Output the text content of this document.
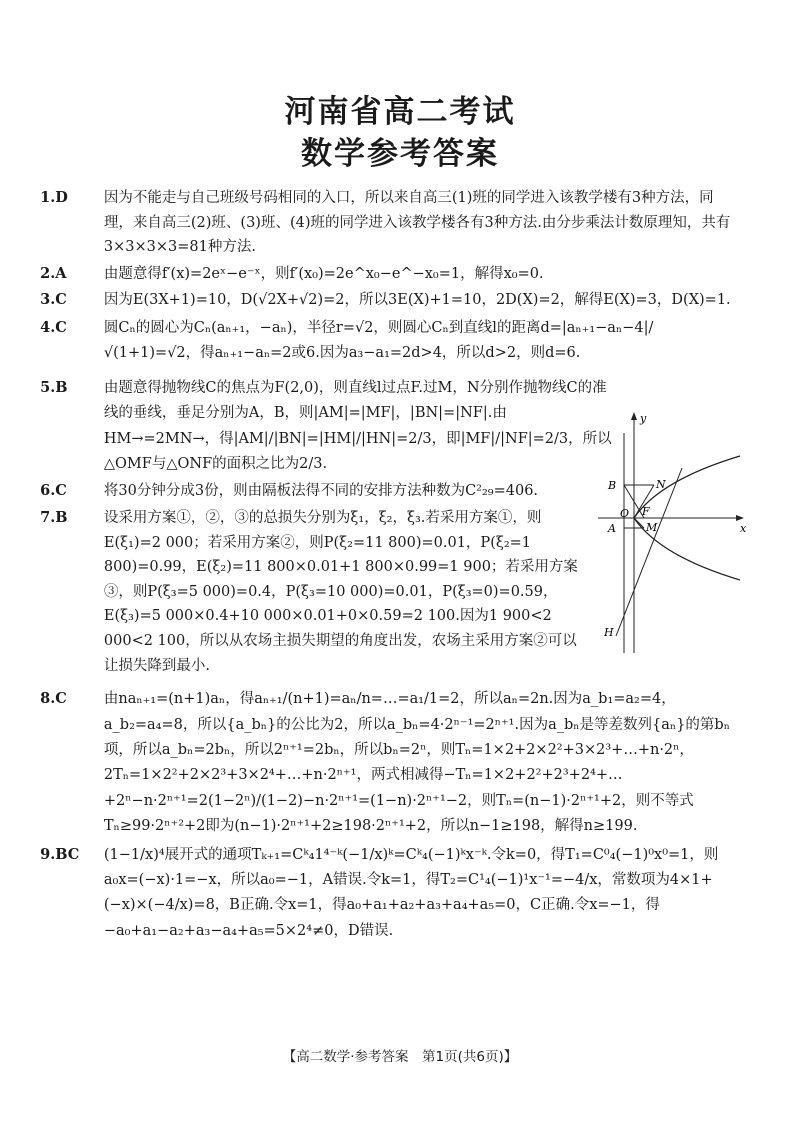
河南省高二考试
数学参考答案

1.D 因为不能走与自己班级号码相同的入口，所以来自高三(1)班的同学进入该教学楼有3种方法，同理，来自高三(2)班、(3)班、(4)班的同学进入该教学楼各有3种方法.由分步乘法计数原理知，共有3×3×3×3=81种方法.

2.A	由题意得f′(x)=2eˣ−e⁻ˣ，则f′(x₀)=2e^x₀−e^−x₀=1，解得x₀=0.

3.C	因为E(3X+1)=10，D(√2X+√2)=2，所以3E(X)+1=10，2D(X)=2，解得E(X)=3，D(X)=1.

4.C	圆Cₙ的圆心为Cₙ(aₙ₊₁，−aₙ)，半径r=√2，则圆心Cₙ到直线l的距离d=|aₙ₊₁−aₙ−4|/√(1+1)=√2，得aₙ₊₁−aₙ=2或6.因为a₃−a₁=2d>4，所以d>2，则d=6.

5.B	由题意得抛物线C的焦点为F(2,0)，则直线l过点F.过M，N分别作抛物线C的准线的垂线，垂足分别为A，B，则|AM|=|MF|，|BN|=|NF|.由HM→=2MN→，得|AM|/|BN|=|HM|/|HN|=2/3，即|MF|/|NF|=2/3，所以△OMF与△ONF的面积之比为2/3.

6.C	将30分钟分成3份，则由隔板法得不同的安排方法种数为C²₂₉=406.

7.B	设采用方案①，②，③的总损失分别为ξ₁，ξ₂，ξ₃.若采用方案①，则E(ξ₁)=2 000；若采用方案②，则P(ξ₂=11 800)=0.01，P(ξ₂=1 800)=0.99，E(ξ₂)=11 800×0.01+1 800×0.99=1 900；若采用方案③，则P(ξ₃=5 000)=0.4，P(ξ₃=10 000)=0.01，P(ξ₃=0)=0.59，E(ξ₃)=5 000×0.4+10 000×0.01+0×0.59=2 100.因为1 900<2 000<2 100，所以从农场主损失期望的角度出发，农场主采用方案②可以让损失降到最小.

8.C	由naₙ₊₁=(n+1)aₙ，得aₙ₊₁/(n+1)=aₙ/n=…=a₁/1=2，所以aₙ=2n.因为a_b₁=a₂=4，a_b₂=a₄=8，所以{a_bₙ}的公比为2，所以a_bₙ=4·2ⁿ⁻¹=2ⁿ⁺¹.因为a_bₙ是等差数列{aₙ}的第bₙ项，所以a_bₙ=2bₙ，所以2ⁿ⁺¹=2bₙ，所以bₙ=2ⁿ，则Tₙ=1×2+2×2²+3×2³+…+n·2ⁿ，2Tₙ=1×2²+2×2³+3×2⁴+…+n·2ⁿ⁺¹，两式相减得−Tₙ=1×2+2²+2³+2⁴+…+2ⁿ−n·2ⁿ⁺¹=2(1−2ⁿ)/(1−2)−n·2ⁿ⁺¹=(1−n)·2ⁿ⁺¹−2，则Tₙ=(n−1)·2ⁿ⁺¹+2，则不等式Tₙ≥99·2ⁿ⁺²+2即为(n−1)·2ⁿ⁺¹+2≥198·2ⁿ⁺¹+2，所以n−1≥198，解得n≥199.

9.BC (1−1/x)⁴展开式的通项Tₖ₊₁=Cᵏ₄1⁴⁻ᵏ(−1/x)ᵏ=Cᵏ₄(−1)ᵏx⁻ᵏ.令k=0，得T₁=C⁰₄(−1)⁰x⁰=1，则a₀x=(−x)·1=−x，所以a₀=−1，A错误.令k=1，得T₂=C¹₄(−1)¹x⁻¹=−4/x，常数项为4×1+(−x)×(−4/x)=8，B正确.令x=1，得a₀+a₁+a₂+a₃+a₄+a₅=0，C正确.令x=−1，得−a₀+a₁−a₂+a₃−a₄+a₅=5×2⁴≠0，D错误.

y
x
B	N
O F
A	M
H
【高二数学·参考答案　第1页(共6页)】
